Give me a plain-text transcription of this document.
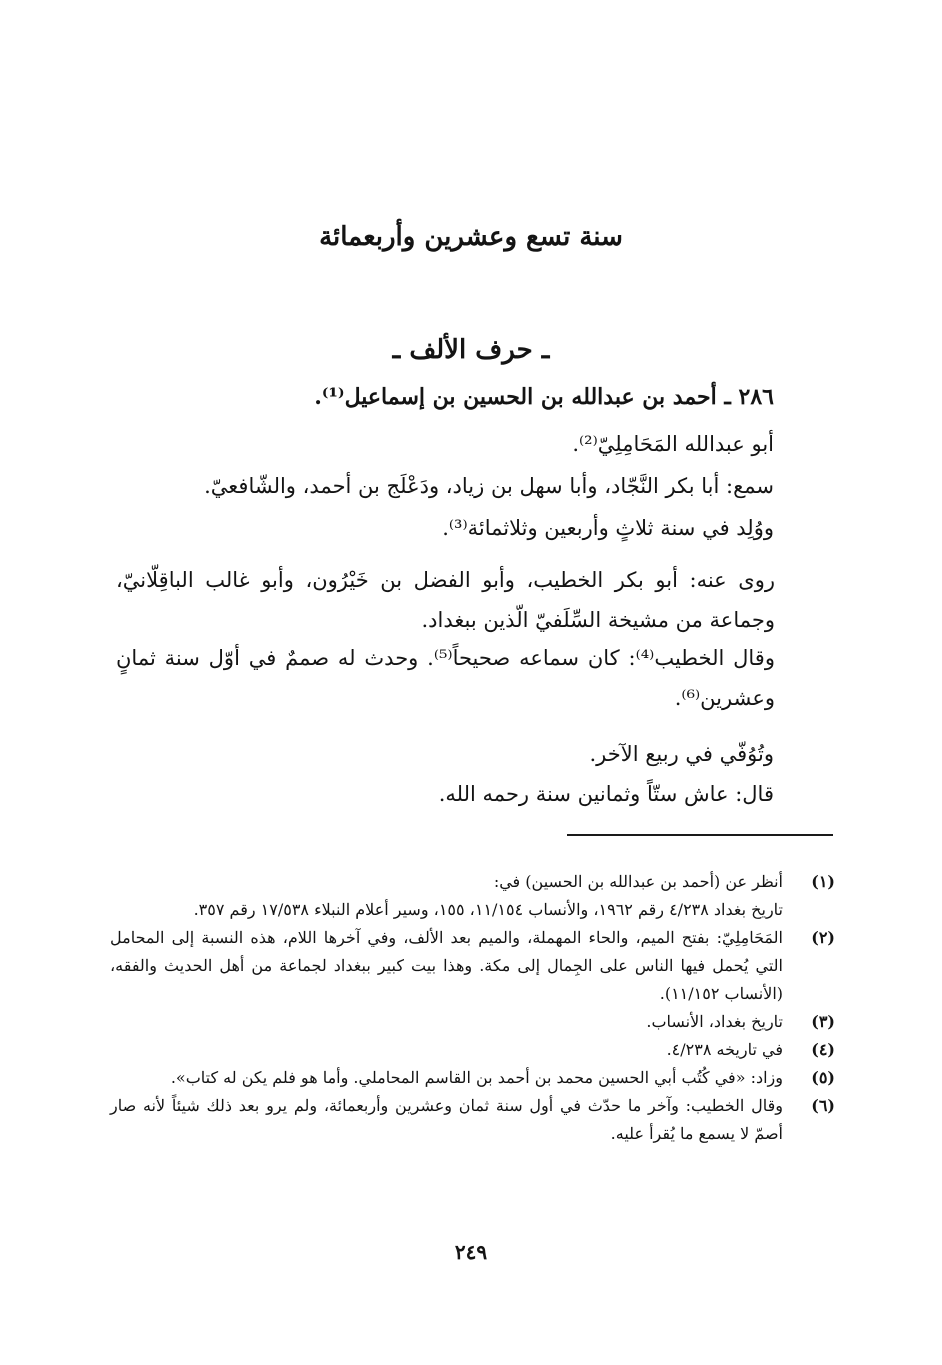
سنة تسع وعشرين وأربعمائة
ـ حرف الألف ـ
٢٨٦ ـ أحمد بن عبدالله بن الحسين بن إسماعيل⁽¹⁾.
أبو عبدالله المَحَامِلِيّ⁽²⁾.
سمع: أبا بكر النَّجّاد، وأبا سهل بن زياد، ودَعْلَج بن أحمد، والشّافعيّ.
ووُلِد في سنة ثلاثٍ وأربعين وثلاثمائة⁽³⁾.
روى عنه: أبو بكر الخطيب، وأبو الفضل بن خَيْرُون، وأبو غالب الباقِلّانيّ، وجماعة من مشيخة السِّلَفيّ الّذين ببغداد.
وقال الخطيب⁽⁴⁾: كان سماعه صحيحاً⁽⁵⁾. وحدث له صممٌ في أوّل سنة ثمانٍ وعشرين⁽⁶⁾.
وتُوُفّي في ربيع الآخر.
قال: عاش ستّاً وثمانين سنة رحمه الله.
(١)
أنظر عن (أحمد بن عبدالله بن الحسين) في:
تاريخ بغداد ٤/٢٣٨ رقم ١٩٦٢، والأنساب ١١/١٥٤، ١٥٥، وسير أعلام النبلاء ١٧/٥٣٨ رقم ٣٥٧.
(٢)
المَحَامِلِيّ: بفتح الميم، والحاء المهملة، والميم بعد الألف، وفي آخرها اللام، هذه النسبة إلى المحامل التي يُحمل فيها الناس على الجِمال إلى مكة. وهذا بيت كبير ببغداد لجماعة من أهل الحديث والفقه، (الأنساب ١١/١٥٢).
(٣)
تاريخ بغداد، الأنساب.
(٤)
في تاريخه ٤/٢٣٨.
(٥)
وزاد: «في كُتُب أبي الحسين محمد بن أحمد بن القاسم المحاملي. وأما هو فلم يكن له كتاب».
(٦)
وقال الخطيب: وآخر ما حدّث في أول سنة ثمان وعشرين وأربعمائة، ولم يرو بعد ذلك شيئاً لأنه صار أصمّ لا يسمع ما يُقرأ عليه.
٢٤٩
